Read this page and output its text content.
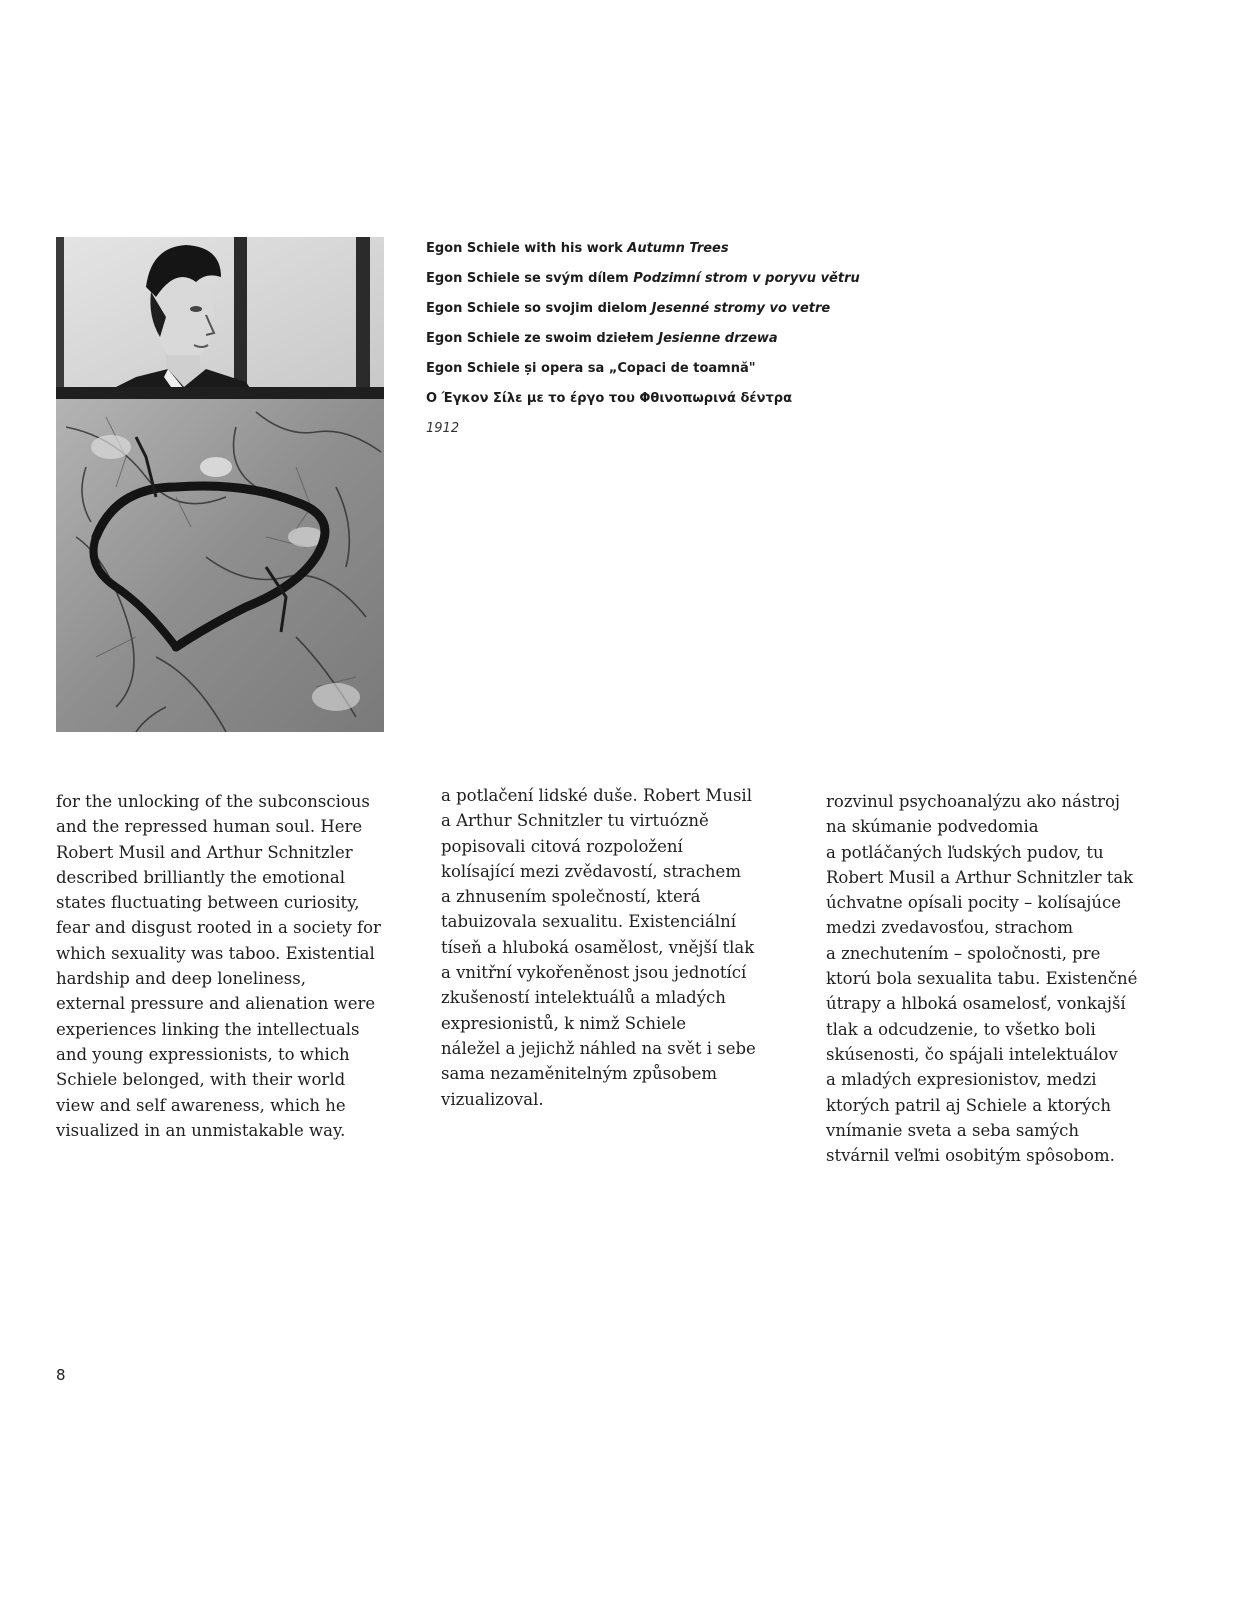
Egon Schiele with his work Autumn Trees
Egon Schiele se svým dílem Podzimní strom v poryvu větru
Egon Schiele so svojim dielom Jesenné stromy vo vetre
Egon Schiele ze swoim dziełem Jesienne drzewa
Egon Schiele și opera sa „Copaci de toamnă"
Ο Έγκον Σίλε με το έργο του Φθινοπωρινά δέντρα
1912
for the unlocking of the subconscious
and the repressed human soul. Here
Robert Musil and Arthur Schnitzler
described brilliantly the emotional
states fluctuating between curiosity,
fear and disgust rooted in a society for
which sexuality was taboo. Existential
hardship and deep loneliness,
external pressure and alienation were
experiences linking the intellectuals
and young expressionists, to which
Schiele belonged, with their world
view and self awareness, which he
visualized in an unmistakable way.
a potlačení lidské duše. Robert Musil
a Arthur Schnitzler tu virtuózně
popisovali citová rozpoložení
kolísající mezi zvědavostí, strachem
a zhnusením společností, která
tabuizovala sexualitu. Existenciální
tíseň a hluboká osamělost, vnější tlak
a vnitřní vykořeněnost jsou jednotící
zkušeností intelektuálů a mladých
expresionistů, k nimž Schiele
náležel a jejichž náhled na svět i sebe
sama nezaměnitelným způsobem
vizualizoval.
rozvinul psychoanalýzu ako nástroj
na skúmanie podvedomia
a potláčaných ľudských pudov, tu
Robert Musil a Arthur Schnitzler tak
úchvatne opísali pocity – kolísajúce
medzi zvedavosťou, strachom
a znechutením – spoločnosti, pre
ktorú bola sexualita tabu. Existenčné
útrapy a hlboká osamelosť, vonkajší
tlak a odcudzenie, to všetko boli
skúsenosti, čo spájali intelektuálov
a mladých expresionistov, medzi
ktorých patril aj Schiele a ktorých
vnímanie sveta a seba samých
stvárnil veľmi osobitým spôsobom.
8
